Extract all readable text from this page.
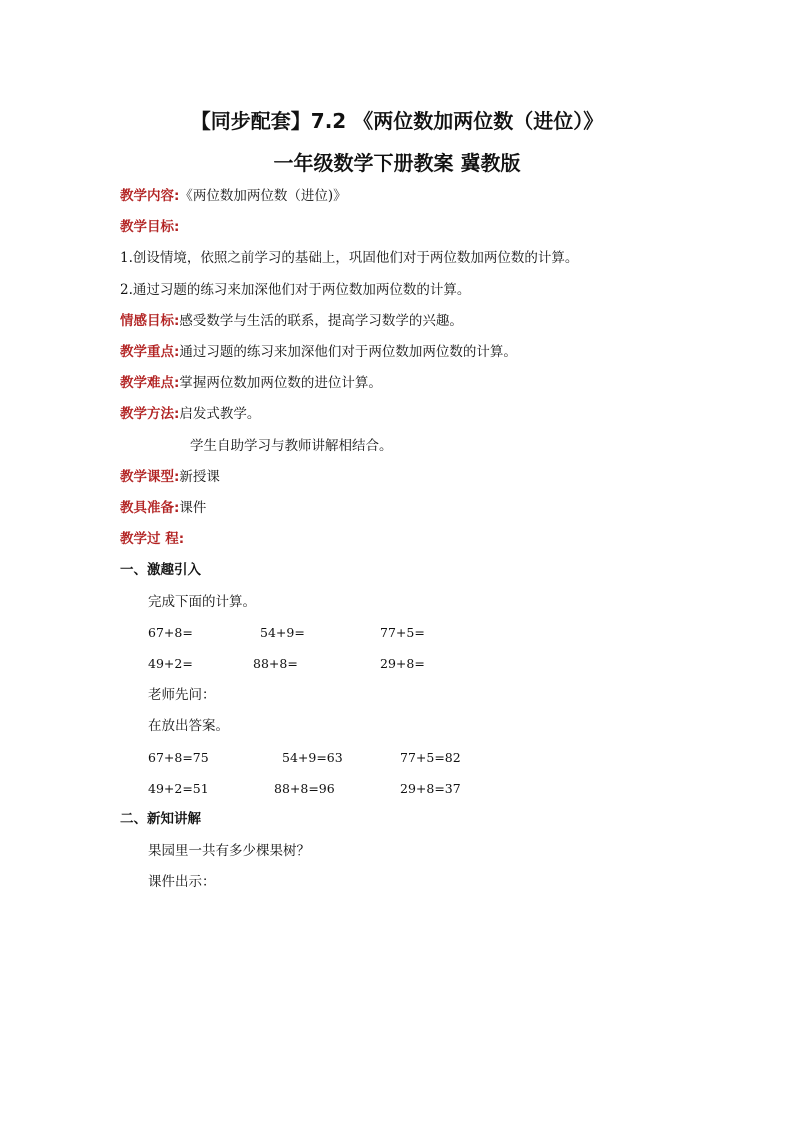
【同步配套】7.2 《两位数加两位数（进位）》
一年级数学下册教案 冀教版
教学内容:《两位数加两位数（进位)》
教学目标:
1.创设情境，依照之前学习的基础上，巩固他们对于两位数加两位数的计算。
2.通过习题的练习来加深他们对于两位数加两位数的计算。
情感目标:感受数学与生活的联系，提高学习数学的兴趣。
教学重点:通过习题的练习来加深他们对于两位数加两位数的计算。
教学难点:掌握两位数加两位数的进位计算。
教学方法:启发式教学。
学生自助学习与教师讲解相结合。
教学课型:新授课
教具准备:课件
教学过 程:
一、激趣引入
完成下面的计算。
67+8=	54+9=	77+5=
49+2=	88+8=	29+8=
老师先问：
在放出答案。
67+8=75	54+9=63	77+5=82
49+2=51	88+8=96	29+8=37
二、新知讲解
果园里一共有多少棵果树？
课件出示：
